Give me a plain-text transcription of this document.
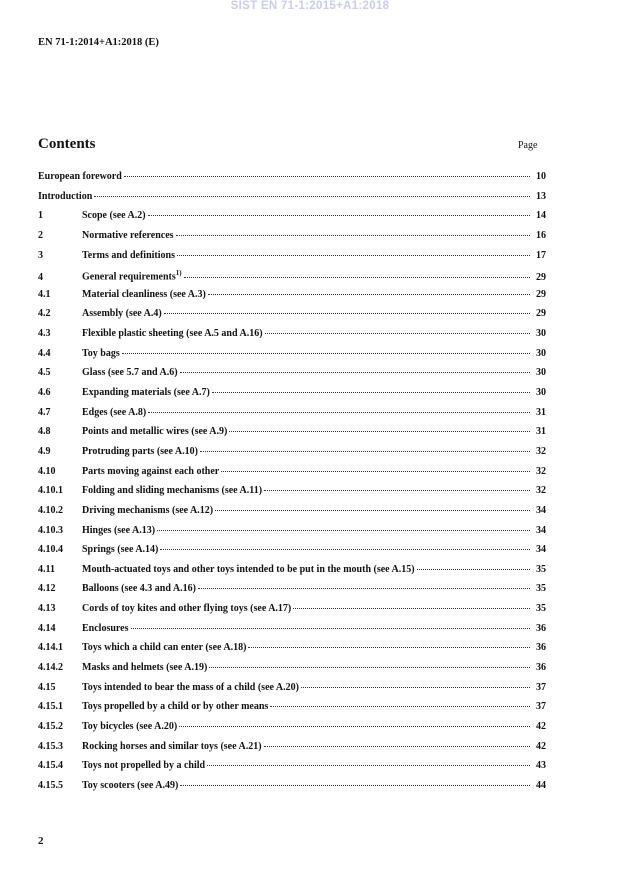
SIST EN 71-1:2015+A1:2018
EN 71-1:2014+A1:2018 (E)
Contents	Page
European foreword	10
Introduction	13
1	Scope (see A.2)	14
2	Normative references	16
3	Terms and definitions	17
4	General requirements$^{1)}$	29
4.1	Material cleanliness (see A.3)	29
4.2	Assembly (see A.4)	29
4.3	Flexible plastic sheeting (see A.5 and A.16)	30
4.4	Toy bags	30
4.5	Glass (see 5.7 and A.6)	30
4.6	Expanding materials (see A.7)	30
4.7	Edges (see A.8)	31
4.8	Points and metallic wires (see A.9)	31
4.9	Protruding parts (see A.10)	32
4.10	Parts moving against each other	32
4.10.1	Folding and sliding mechanisms (see A.11)	32
4.10.2	Driving mechanisms (see A.12)	34
4.10.3	Hinges (see A.13)	34
4.10.4	Springs (see A.14)	34
4.11	Mouth-actuated toys and other toys intended to be put in the mouth (see A.15)	35
4.12	Balloons (see 4.3 and A.16)	35
4.13	Cords of toy kites and other flying toys (see A.17)	35
4.14	Enclosures	36
4.14.1	Toys which a child can enter (see A.18)	36
4.14.2	Masks and helmets (see A.19)	36
4.15	Toys intended to bear the mass of a child (see A.20)	37
4.15.1	Toys propelled by a child or by other means	37
4.15.2	Toy bicycles (see A.20)	42
4.15.3	Rocking horses and similar toys (see A.21)	42
4.15.4	Toys not propelled by a child	43
4.15.5	Toy scooters (see A.49)	44
2
